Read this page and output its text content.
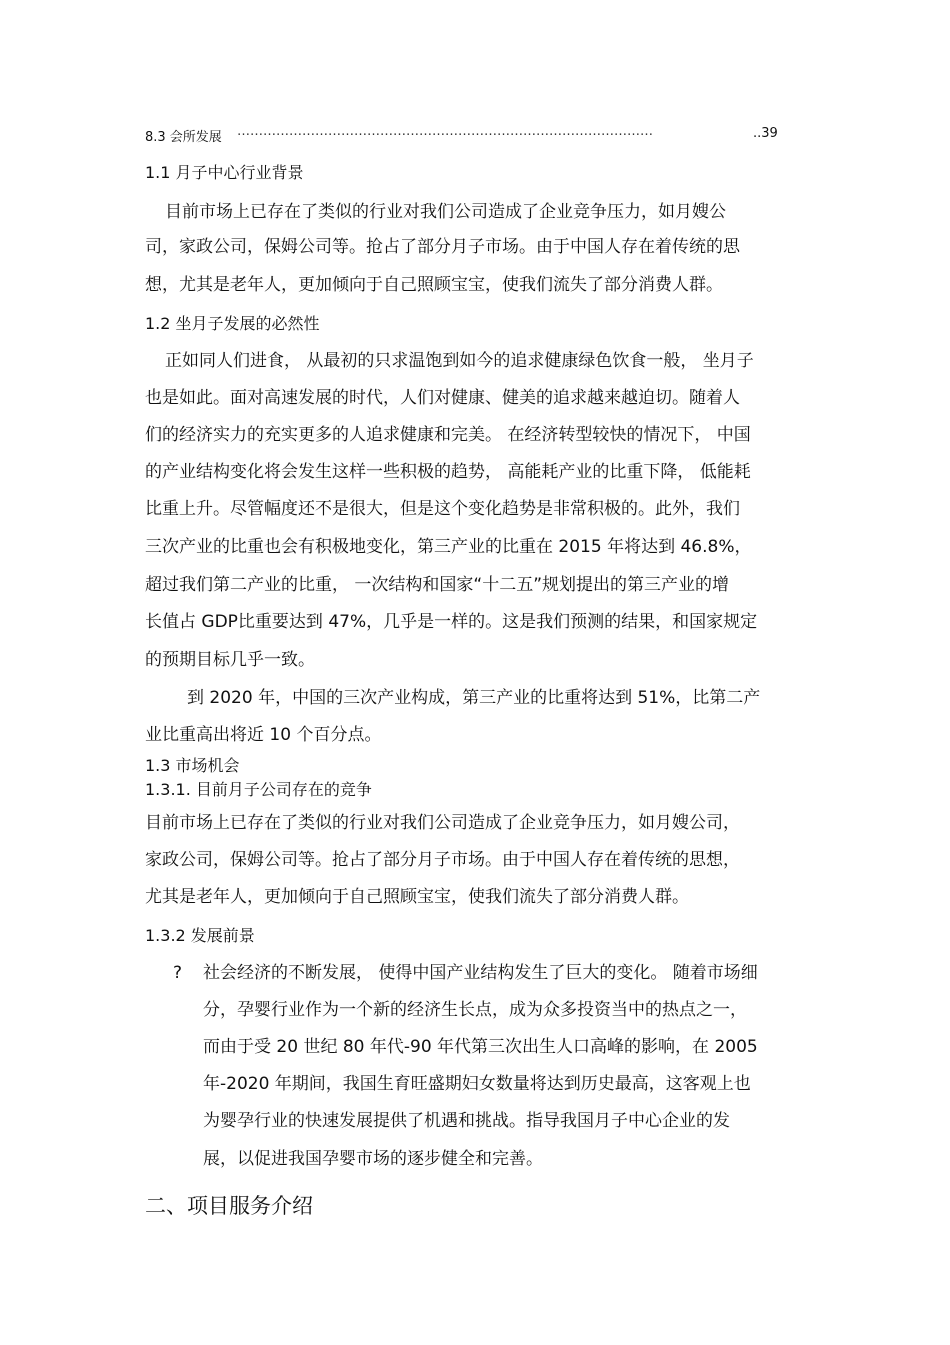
8.3 会所发展 ……………………………………………………………………………………	..39
1.1 月子中心行业背景
目前市场上已存在了类似的行业对我们公司造成了企业竞争压力，如月嫂公
司，家政公司，保姆公司等。抢占了部分月子市场。由于中国人存在着传统的思
想，尤其是老年人，更加倾向于自己照顾宝宝，使我们流失了部分消费人群。
1.2 坐月子发展的必然性
正如同人们进食， 从最初的只求温饱到如今的追求健康绿色饮食一般， 坐月子
也是如此。面对高速发展的时代，人们对健康、健美的追求越来越迫切。随着人
们的经济实力的充实更多的人追求健康和完美。 在经济转型较快的情况下， 中国
的产业结构变化将会发生这样一些积极的趋势， 高能耗产业的比重下降， 低能耗
比重上升。尽管幅度还不是很大，但是这个变化趋势是非常积极的。此外，我们
三次产业的比重也会有积极地变化，第三产业的比重在 2015 年将达到 46.8%，
超过我们第二产业的比重， 一次结构和国家“十二五”规划提出的第三产业的增
长值占 GDP比重要达到 47%，几乎是一样的。这是我们预测的结果，和国家规定
的预期目标几乎一致。
到 2020 年，中国的三次产业构成，第三产业的比重将达到 51%，比第二产
业比重高出将近 10 个百分点。
1.3 市场机会
1.3.1. 目前月子公司存在的竞争
目前市场上已存在了类似的行业对我们公司造成了企业竞争压力，如月嫂公司，
家政公司，保姆公司等。抢占了部分月子市场。由于中国人存在着传统的思想，
尤其是老年人，更加倾向于自己照顾宝宝，使我们流失了部分消费人群。
1.3.2 发展前景
? 社会经济的不断发展， 使得中国产业结构发生了巨大的变化。 随着市场细
分，孕婴行业作为一个新的经济生长点，成为众多投资当中的热点之一，
而由于受 20 世纪 80 年代-90 年代第三次出生人口高峰的影响，在 2005
年-2020 年期间，我国生育旺盛期妇女数量将达到历史最高，这客观上也
为婴孕行业的快速发展提供了机遇和挑战。指导我国月子中心企业的发
展，以促进我国孕婴市场的逐步健全和完善。
二、项目服务介绍
